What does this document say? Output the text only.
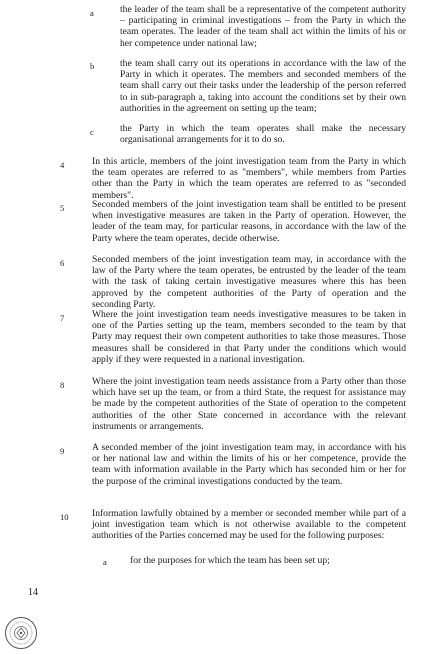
a	the leader of the team shall be a representative of the competent authority – participating in criminal investigations – from the Party in which the team operates. The leader of the team shall act within the limits of his or her competence under national law;
b	the team shall carry out its operations in accordance with the law of the Party in which it operates. The members and seconded members of the team shall carry out their tasks under the leadership of the person referred to in sub-paragraph a, taking into account the conditions set by their own authorities in the agreement on setting up the team;
c	the Party in which the team operates shall make the necessary organisational arrangements for it to do so.
4	In this article, members of the joint investigation team from the Party in which the team operates are referred to as "members", while members from Parties other than the Party in which the team operates are referred to as "seconded members".
5	Seconded members of the joint investigation team shall be entitled to be present when investigative measures are taken in the Party of operation. However, the leader of the team may, for particular reasons, in accordance with the law of the Party where the team operates, decide otherwise.
6	Seconded members of the joint investigation team may, in accordance with the law of the Party where the team operates, be entrusted by the leader of the team with the task of taking certain investigative measures where this has been approved by the competent authorities of the Party of operation and the seconding Party.
7	Where the joint investigation team needs investigative measures to be taken in one of the Parties setting up the team, members seconded to the team by that Party may request their own competent authorities to take those measures. Those measures shall be considered in that Party under the conditions which would apply if they were requested in a national investigation.
8	Where the joint investigation team needs assistance from a Party other than those which have set up the team, or from a third State, the request for assistance may be made by the competent authorities of the State of operation to the competent authorities of the other State concerned in accordance with the relevant instruments or arrangements.
9	A seconded member of the joint investigation team may, in accordance with his or her national law and within the limits of his or her competence, provide the team with information available in the Party which has seconded him or her for the purpose of the criminal investigations conducted by the team.
10 Information lawfully obtained by a member or seconded member while part of a joint investigation team which is not otherwise available to the competent authorities of the Parties concerned may be used for the following purposes:
a for the purposes for which the team has been set up;
14
